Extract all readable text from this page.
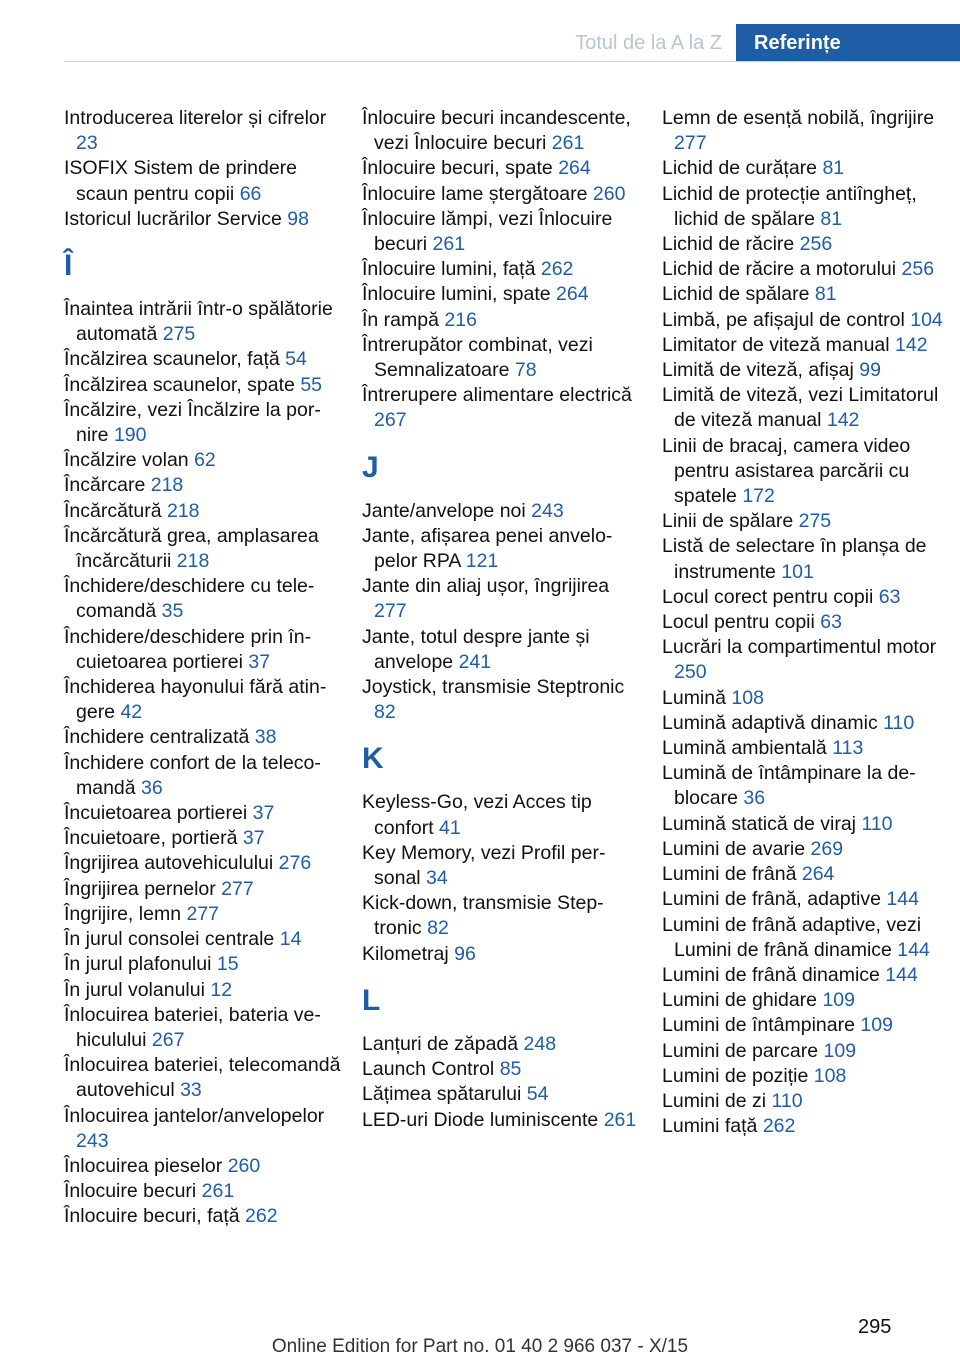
Totul de la A la Z	Referințe
Introducerea literelor și cifrelor 23
ISOFIX Sistem de prindere scaun pentru copii 66
Istoricul lucrărilor Service 98
Î
Înaintea intrării într-o spălătorie automată 275
Încălzirea scaunelor, față 54
Încălzirea scaunelor, spate 55
Încălzire, vezi Încălzire la pornire 190
Încălzire volan 62
Încărcare 218
Încărcătură 218
Încărcătură grea, amplasarea încărcăturii 218
Închidere/deschidere cu telecomandă 35
Închidere/deschidere prin încuietoarea portierei 37
Închiderea hayonului fără atingere 42
Închidere centralizată 38
Închidere confort de la telecomandă 36
Încuietoarea portierei 37
Încuietoare, portieră 37
Îngrijirea autovehiculului 276
Îngrijirea pernelor 277
Îngrijire, lemn 277
În jurul consolei centrale 14
În jurul plafonului 15
În jurul volanului 12
Înlocuirea bateriei, bateria vehiculului 267
Înlocuirea bateriei, telecomandă autovehicul 33
Înlocuirea jantelor/anvelopelor 243
Înlocuirea pieselor 260
Înlocuire becuri 261
Înlocuire becuri, față 262
Înlocuire becuri incandescente, vezi Înlocuire becuri 261
Înlocuire becuri, spate 264
Înlocuire lame ștergătoare 260
Înlocuire lămpi, vezi Înlocuire becuri 261
Înlocuire lumini, față 262
Înlocuire lumini, spate 264
În rampă 216
Întrerupător combinat, vezi Semnalizatoare 78
Întrerupere alimentare electrică 267
J
Jante/anvelope noi 243
Jante, afișarea penei anvelopelor RPA 121
Jante din aliaj ușor, îngrijirea 277
Jante, totul despre jante și anvelope 241
Joystick, transmisie Steptronic 82
K
Keyless-Go, vezi Acces tip confort 41
Key Memory, vezi Profil personal 34
Kick-down, transmisie Steptronic 82
Kilometraj 96
L
Lanțuri de zăpadă 248
Launch Control 85
Lățimea spătarului 54
LED-uri Diode luminiscente 261
Lemn de esență nobilă, îngrijire 277
Lichid de curățare 81
Lichid de protecție antiîngheț, lichid de spălare 81
Lichid de răcire 256
Lichid de răcire a motorului 256
Lichid de spălare 81
Limbă, pe afișajul de control 104
Limitator de viteză manual 142
Limită de viteză, afișaj 99
Limită de viteză, vezi Limitatorul de viteză manual 142
Linii de bracaj, camera video pentru asistarea parcării cu spatele 172
Linii de spălare 275
Listă de selectare în planșa de instrumente 101
Locul corect pentru copii 63
Locul pentru copii 63
Lucrări la compartimentul motor 250
Lumină 108
Lumină adaptivă dinamic 110
Lumină ambientală 113
Lumină de întâmpinare la deblocare 36
Lumină statică de viraj 110
Lumini de avarie 269
Lumini de frână 264
Lumini de frână, adaptive 144
Lumini de frână adaptive, vezi Lumini de frână dinamice 144
Lumini de frână dinamice 144
Lumini de ghidare 109
Lumini de întâmpinare 109
Lumini de parcare 109
Lumini de poziție 108
Lumini de zi 110
Lumini față 262
295
Online Edition for Part no. 01 40 2 966 037 - X/15
